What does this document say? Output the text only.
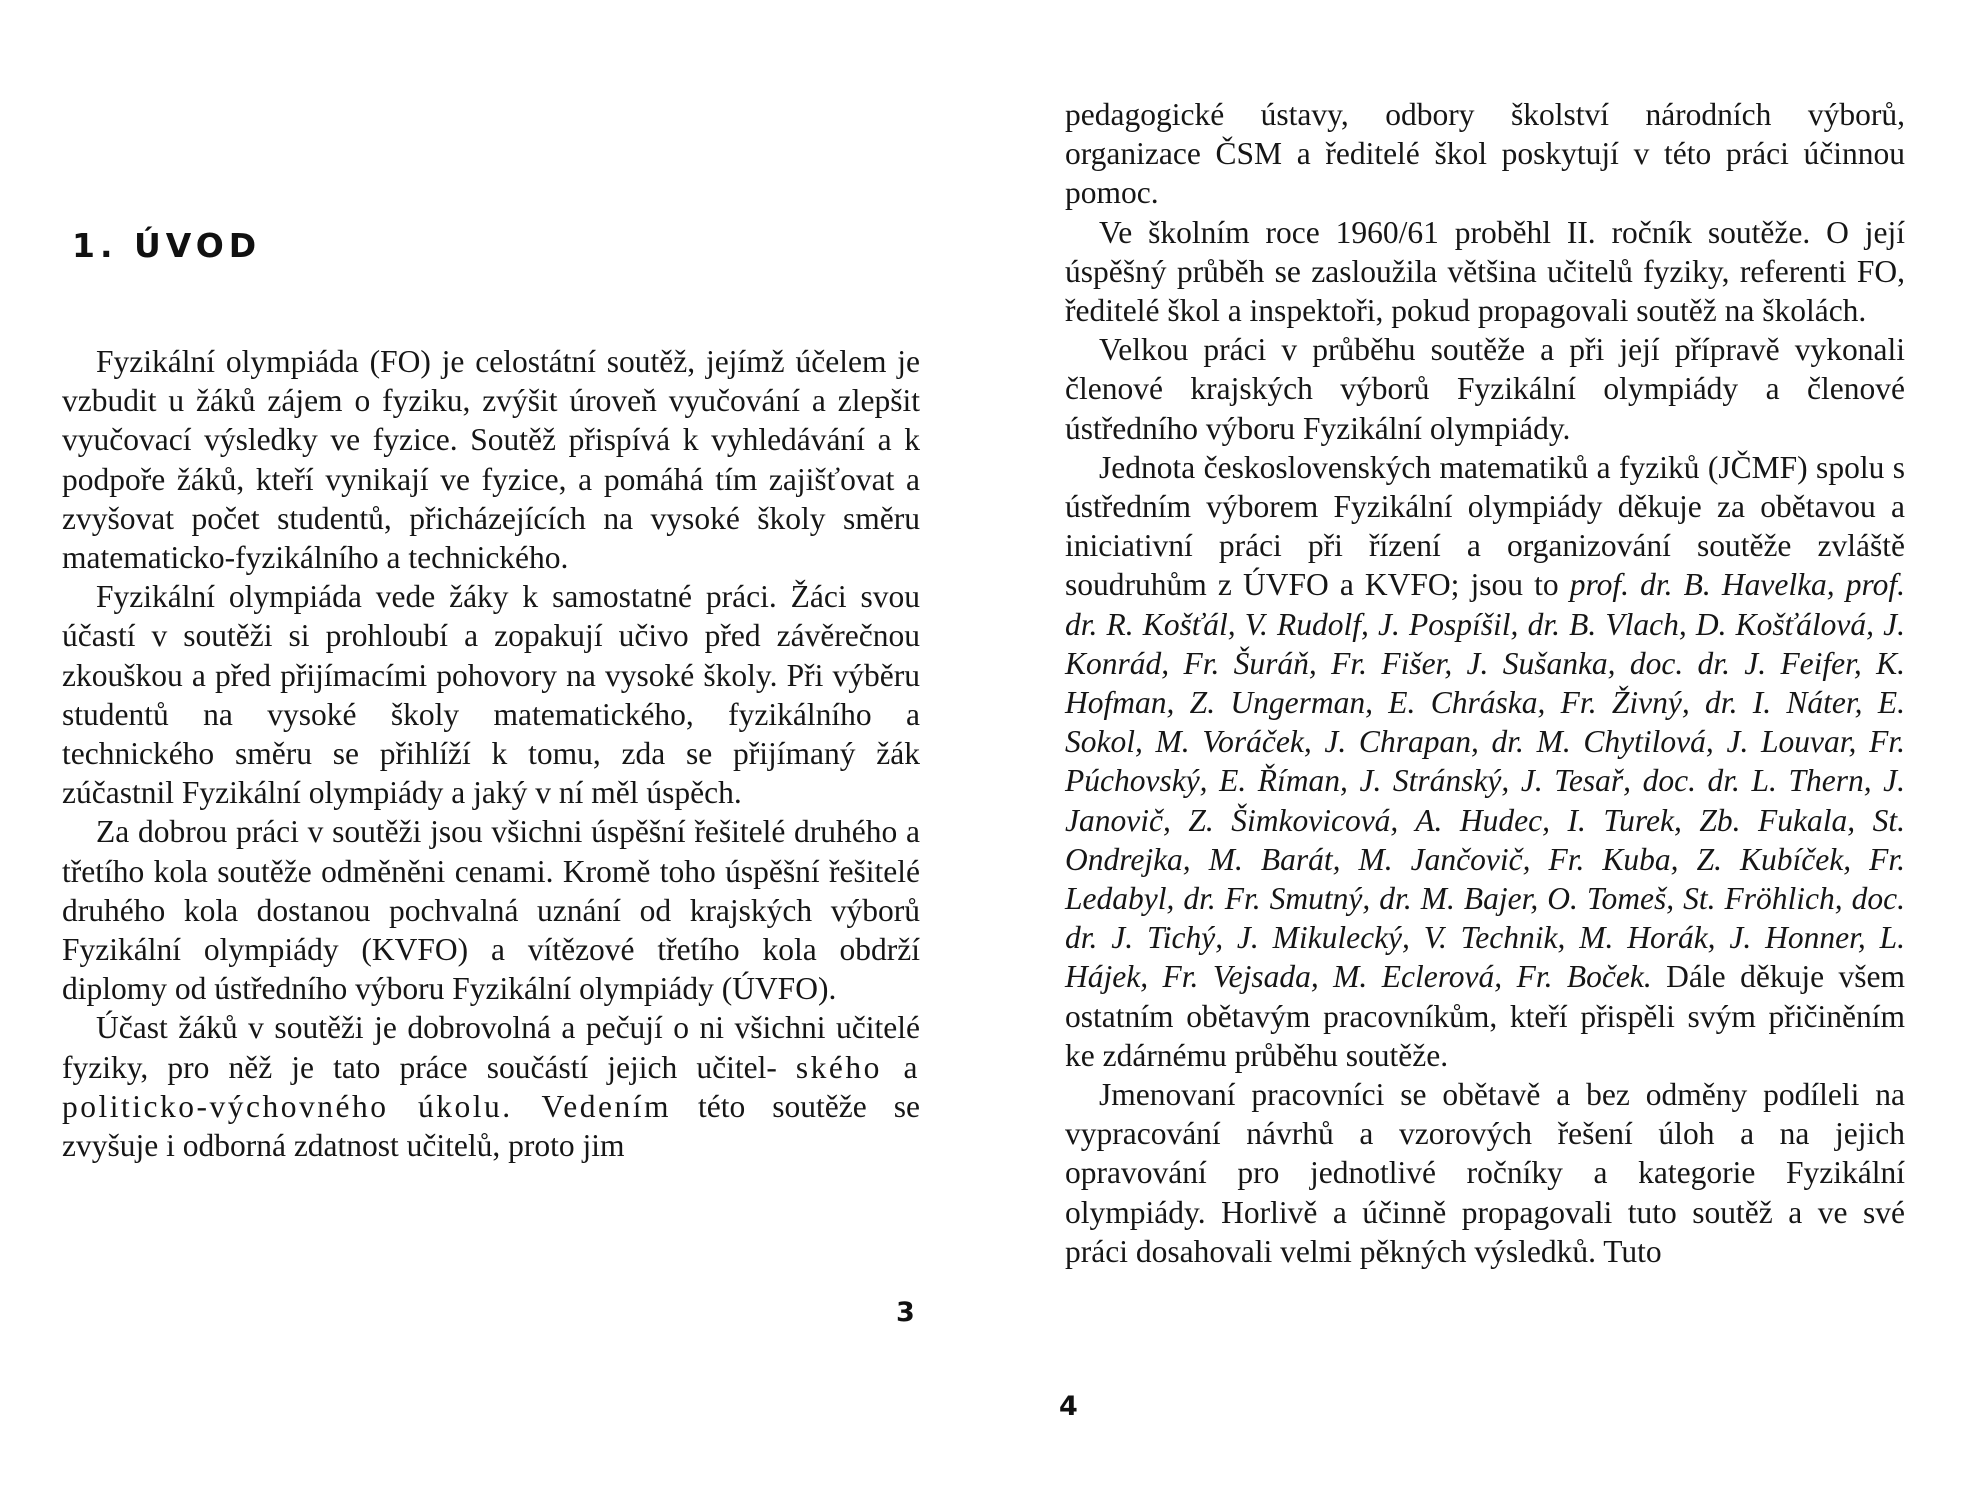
1. ÚVOD

Fyzikální olympiáda (FO) je celostátní soutěž, jejímž účelem je vzbudit u žáků zájem o fyziku, zvýšit úroveň vyučování a zlepšit vyučovací výsledky ve fyzice. Soutěž přispívá k vyhledávání a k podpoře žáků, kteří vynikají ve fyzice, a pomáhá tím zajišťovat a zvyšovat počet studentů, přicházejících na vysoké školy směru matematicko-fyzikálního a technického.

Fyzikální olympiáda vede žáky k samostatné práci. Žáci svou účastí v soutěži si prohloubí a zopakují učivo před závěrečnou zkouškou a před přijímacími pohovory na vysoké školy. Při výběru studentů na vysoké školy matematického, fyzikálního a technického směru se přihlíží k tomu, zda se přijímaný žák zúčastnil Fyzikální olympiády a jaký v ní měl úspěch.

Za dobrou práci v soutěži jsou všichni úspěšní řešitelé druhého a třetího kola soutěže odměněni cenami. Kromě toho úspěšní řešitelé druhého kola dostanou pochvalná uznání od krajských výborů Fyzikální olympiády (KVFO) a vítězové třetího kola obdrží diplomy od ústředního výboru Fyzikální olympiády (ÚVFO).

Účast žáků v soutěži je dobrovolná a pečují o ni všichni učitelé fyziky, pro něž je tato práce součástí jejich učitel- ského a politicko-výchovného úkolu. Vedením této soutěže se zvyšuje i odborná zdatnost učitelů, proto jim

3

pedagogické ústavy, odbory školství národních výborů, organizace ČSM a ředitelé škol poskytují v této práci účinnou pomoc.

Ve školním roce 1960/61 proběhl II. ročník soutěže. O její úspěšný průběh se zasloužila většina učitelů fyziky, referenti FO, ředitelé škol a inspektoři, pokud propagovali soutěž na školách.

Velkou práci v průběhu soutěže a při její přípravě vykonali členové krajských výborů Fyzikální olympiády a členové ústředního výboru Fyzikální olympiády.

Jednota československých matematiků a fyziků (JČMF) spolu s ústředním výborem Fyzikální olympiády děkuje za obětavou a iniciativní práci při řízení a organizování soutěže zvláště soudruhům z ÚVFO a KVFO; jsou to prof. dr. B. Havelka, prof. dr. R. Košťál, V. Rudolf, J. Pospíšil, dr. B. Vlach, D. Košťálová, J. Konrád, Fr. Šuráň, Fr. Fišer, J. Sušanka, doc. dr. J. Feifer, K. Hofman, Z. Ungerman, E. Chráska, Fr. Živný, dr. I. Náter, E. Sokol, M. Voráček, J. Chrapan, dr. M. Chytilová, J. Louvar, Fr. Púchovský, E. Říman, J. Stránský, J. Tesař, doc. dr. L. Thern, J. Janovič, Z. Šimkovicová, A. Hudec, I. Turek, Zb. Fukala, St. Ondrejka, M. Barát, M. Jančovič, Fr. Kuba, Z. Kubíček, Fr. Ledabyl, dr. Fr. Smutný, dr. M. Bajer, O. Tomeš, St. Fröhlich, doc. dr. J. Tichý, J. Mikulecký, V. Technik, M. Horák, J. Honner, L. Hájek, Fr. Vejsada, M. Eclerová, Fr. Boček. Dále děkuje všem ostatním obětavým pracovníkům, kteří přispěli svým přičiněním ke zdárnému průběhu soutěže.

Jmenovaní pracovníci se obětavě a bez odměny podíleli na vypracování návrhů a vzorových řešení úloh a na jejich opravování pro jednotlivé ročníky a kategorie Fyzikální olympiády. Horlivě a účinně propagovali tuto soutěž a ve své práci dosahovali velmi pěkných výsledků. Tuto

4
